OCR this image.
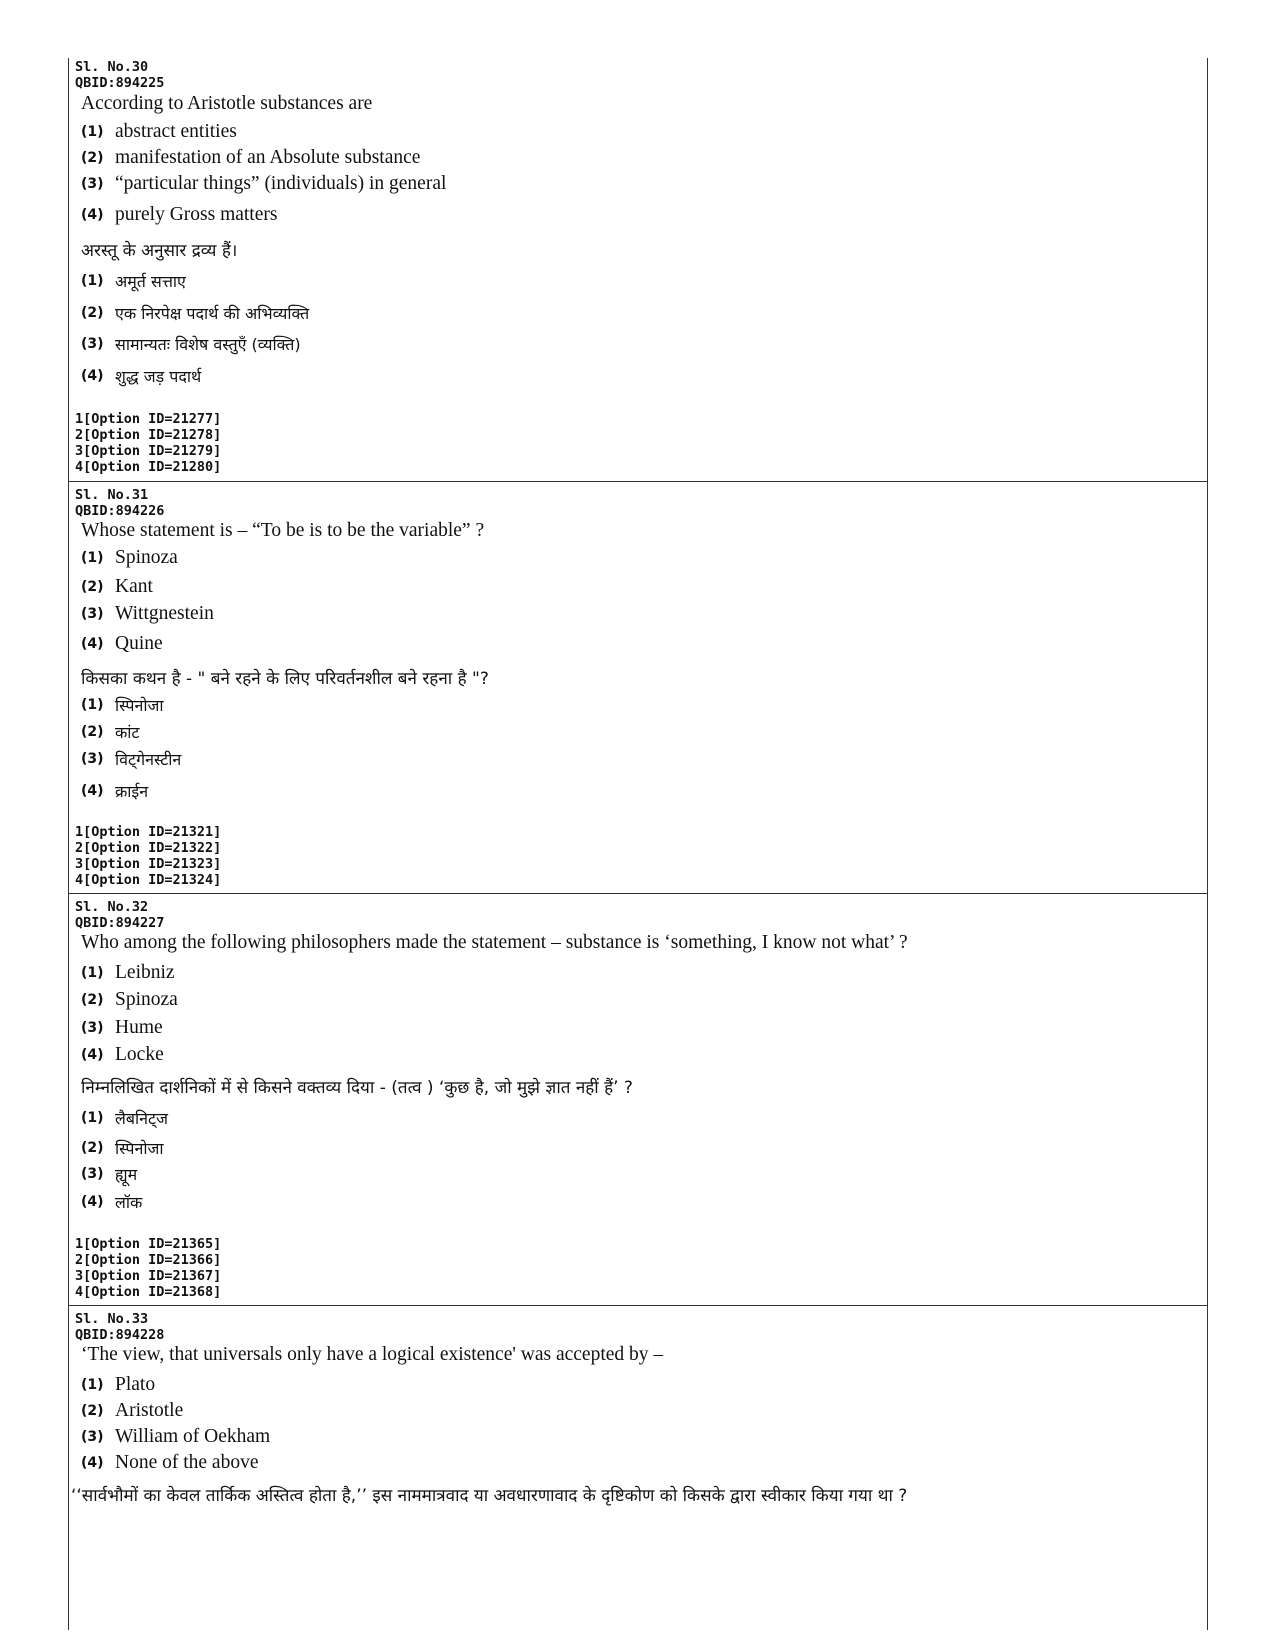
Sl. No.30
QBID:894225
According to Aristotle substances are
(1) abstract entities
(2) manifestation of an Absolute substance
(3) “particular things” (individuals) in general
(4) purely Gross matters
अरस्तू के अनुसार द्रव्य हैं।
(1) अमूर्त सत्ताए
(2) एक निरपेक्ष पदार्थ की अभिव्यक्ति
(3) सामान्यतः विशेष वस्तुएँ (व्यक्ति)
(4) शुद्ध जड़ पदार्थ
1[Option ID=21277]
2[Option ID=21278]
3[Option ID=21279]
4[Option ID=21280]
Sl. No.31
QBID:894226
Whose statement is – “To be is to be the variable” ?
(1) Spinoza
(2) Kant
(3) Wittgnestein
(4) Quine
किसका कथन है - " बने रहने के लिए परिवर्तनशील बने रहना है "?
(1) स्पिनोजा
(2) कांट
(3) विट्गेनस्टीन
(4) क्राईन
1[Option ID=21321]
2[Option ID=21322]
3[Option ID=21323]
4[Option ID=21324]
Sl. No.32
QBID:894227
Who among the following philosophers made the statement – substance is ‘something, I know not what’ ?
(1) Leibniz
(2) Spinoza
(3) Hume
(4) Locke
निम्नलिखित दार्शनिकों में से किसने वक्तव्य दिया - (तत्व ) ‘कुछ है, जो मुझे ज्ञात नहीं हैं’ ?
(1) लैबनिट्ज
(2) स्पिनोजा
(3) ह्यूम
(4) लॉक
1[Option ID=21365]
2[Option ID=21366]
3[Option ID=21367]
4[Option ID=21368]
Sl. No.33
QBID:894228
‘The view, that universals only have a logical existence' was accepted by –
(1) Plato
(2) Aristotle
(3) William of Oekham
(4) None of the above
‘‘सार्वभौमों का केवल तार्किक अस्तित्व होता है,’’ इस नाममात्रवाद या अवधारणावाद के दृष्टिकोण को किसके द्वारा स्वीकार किया गया था ?
